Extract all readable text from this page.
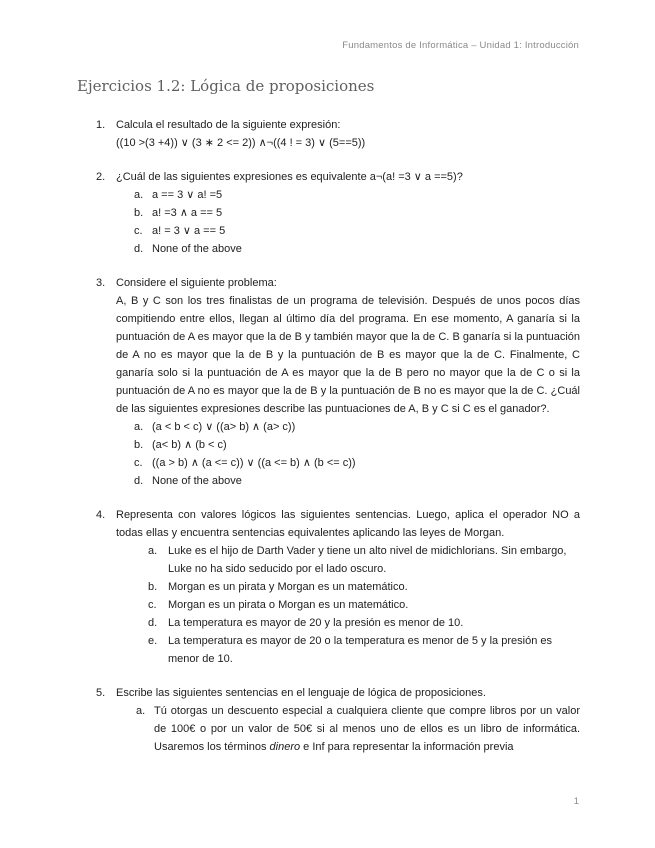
Fundamentos de Informática – Unidad 1: Introducción
Ejercicios 1.2: Lógica de proposiciones
1. Calcula el resultado de la siguiente expresión:
((10 >(3 +4)) ∨ (3 ∗ 2 <= 2)) ∧¬((4 ! = 3) ∨ (5==5))
2. ¿Cuál de las siguientes expresiones es equivalente a¬(a! =3 ∨ a ==5)?
a. a == 3 ∨ a! =5
b. a! =3 ∧ a == 5
c. a! = 3 ∨ a == 5
d. None of the above
3. Considere el siguiente problema:
A, B y C son los tres finalistas de un programa de televisión. Después de unos pocos días compitiendo entre ellos, llegan al último día del programa. En ese momento, A ganaría si la puntuación de A es mayor que la de B y también mayor que la de C. B ganaría si la puntuación de A no es mayor que la de B y la puntuación de B es mayor que la de C. Finalmente, C ganaría solo si la puntuación de A es mayor que la de B pero no mayor que la de C o si la puntuación de A no es mayor que la de B y la puntuación de B no es mayor que la de C. ¿Cuál de las siguientes expresiones describe las puntuaciones de A, B y C si C es el ganador?.
a. (a < b < c) ∨ ((a> b) ∧ (a> c))
b. (a< b) ∧ (b < c)
c. ((a > b) ∧ (a <= c)) ∨ ((a <= b) ∧ (b <= c))
d. None of the above
4. Representa con valores lógicos las siguientes sentencias. Luego, aplica el operador NO a todas ellas y encuentra sentencias equivalentes aplicando las leyes de Morgan.
a. Luke es el hijo de Darth Vader y tiene un alto nivel de midichlorians. Sin embargo, Luke no ha sido seducido por el lado oscuro.
b. Morgan es un pirata y Morgan es un matemático.
c.	Morgan es un pirata o Morgan es un matemático.
d. La temperatura es mayor de 20 y la presión es menor de 10.
e. La temperatura es mayor de 20 o la temperatura es menor de 5 y la presión es menor de 10.
5. Escribe las siguientes sentencias en el lenguaje de lógica de proposiciones.
a. Tú otorgas un descuento especial a cualquiera cliente que compre libros por un valor de 100€ o por un valor de 50€ si al menos uno de ellos es un libro de informática. Usaremos los términos dinero e Inf para representar la información previa
1
